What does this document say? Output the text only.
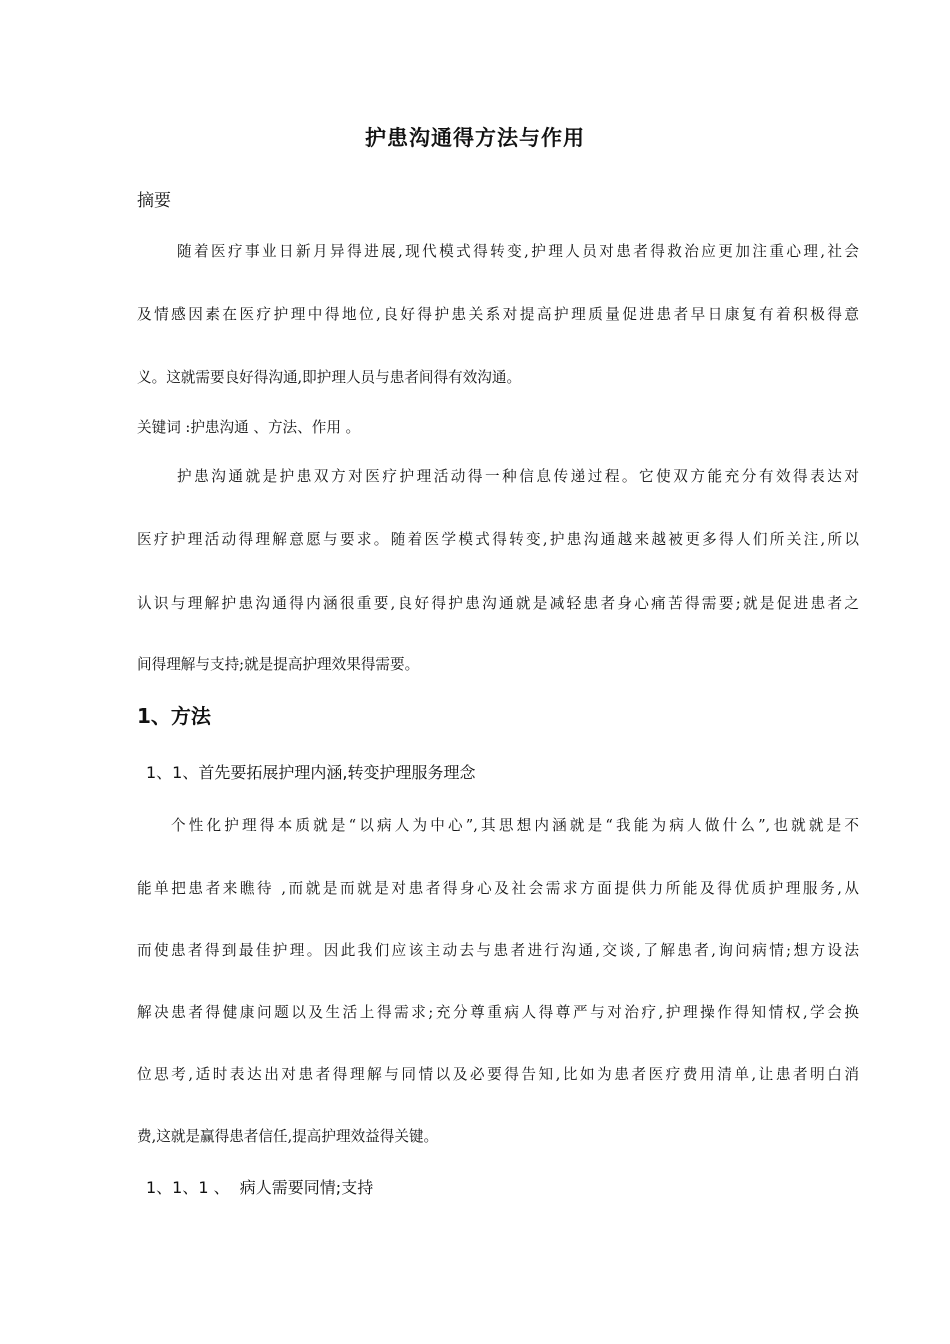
护患沟通得方法与作用
摘要
随着医疗事业日新月异得进展,现代模式得转变,护理人员对患者得救治应更加注重心理,社会
及情感因素在医疗护理中得地位,良好得护患关系对提高护理质量促进患者早日康复有着积极得意
义。这就需要良好得沟通,即护理人员与患者间得有效沟通。
关键词 :护患沟通 、方法、作用 。
护患沟通就是护患双方对医疗护理活动得一种信息传递过程。它使双方能充分有效得表达对
医疗护理活动得理解意愿与要求。随着医学模式得转变,护患沟通越来越被更多得人们所关注,所以
认识与理解护患沟通得内涵很重要,良好得护患沟通就是减轻患者身心痛苦得需要;就是促进患者之
间得理解与支持;就是提高护理效果得需要。
1、方法
1、1、首先要拓展护理内涵,转变护理服务理念
个性化护理得本质就是“以病人为中心”,其思想内涵就是“我能为病人做什么”,也就就是不
能单把患者来瞧待 ,而就是而就是对患者得身心及社会需求方面提供力所能及得优质护理服务,从
而使患者得到最佳护理。因此我们应该主动去与患者进行沟通,交谈,了解患者,询问病情;想方设法
解决患者得健康问题以及生活上得需求;充分尊重病人得尊严与对治疗,护理操作得知情权,学会换
位思考,适时表达出对患者得理解与同情以及必要得告知,比如为患者医疗费用清单,让患者明白消
费,这就是赢得患者信任,提高护理效益得关键。
1、1、1 、  病人需要同情;支持
